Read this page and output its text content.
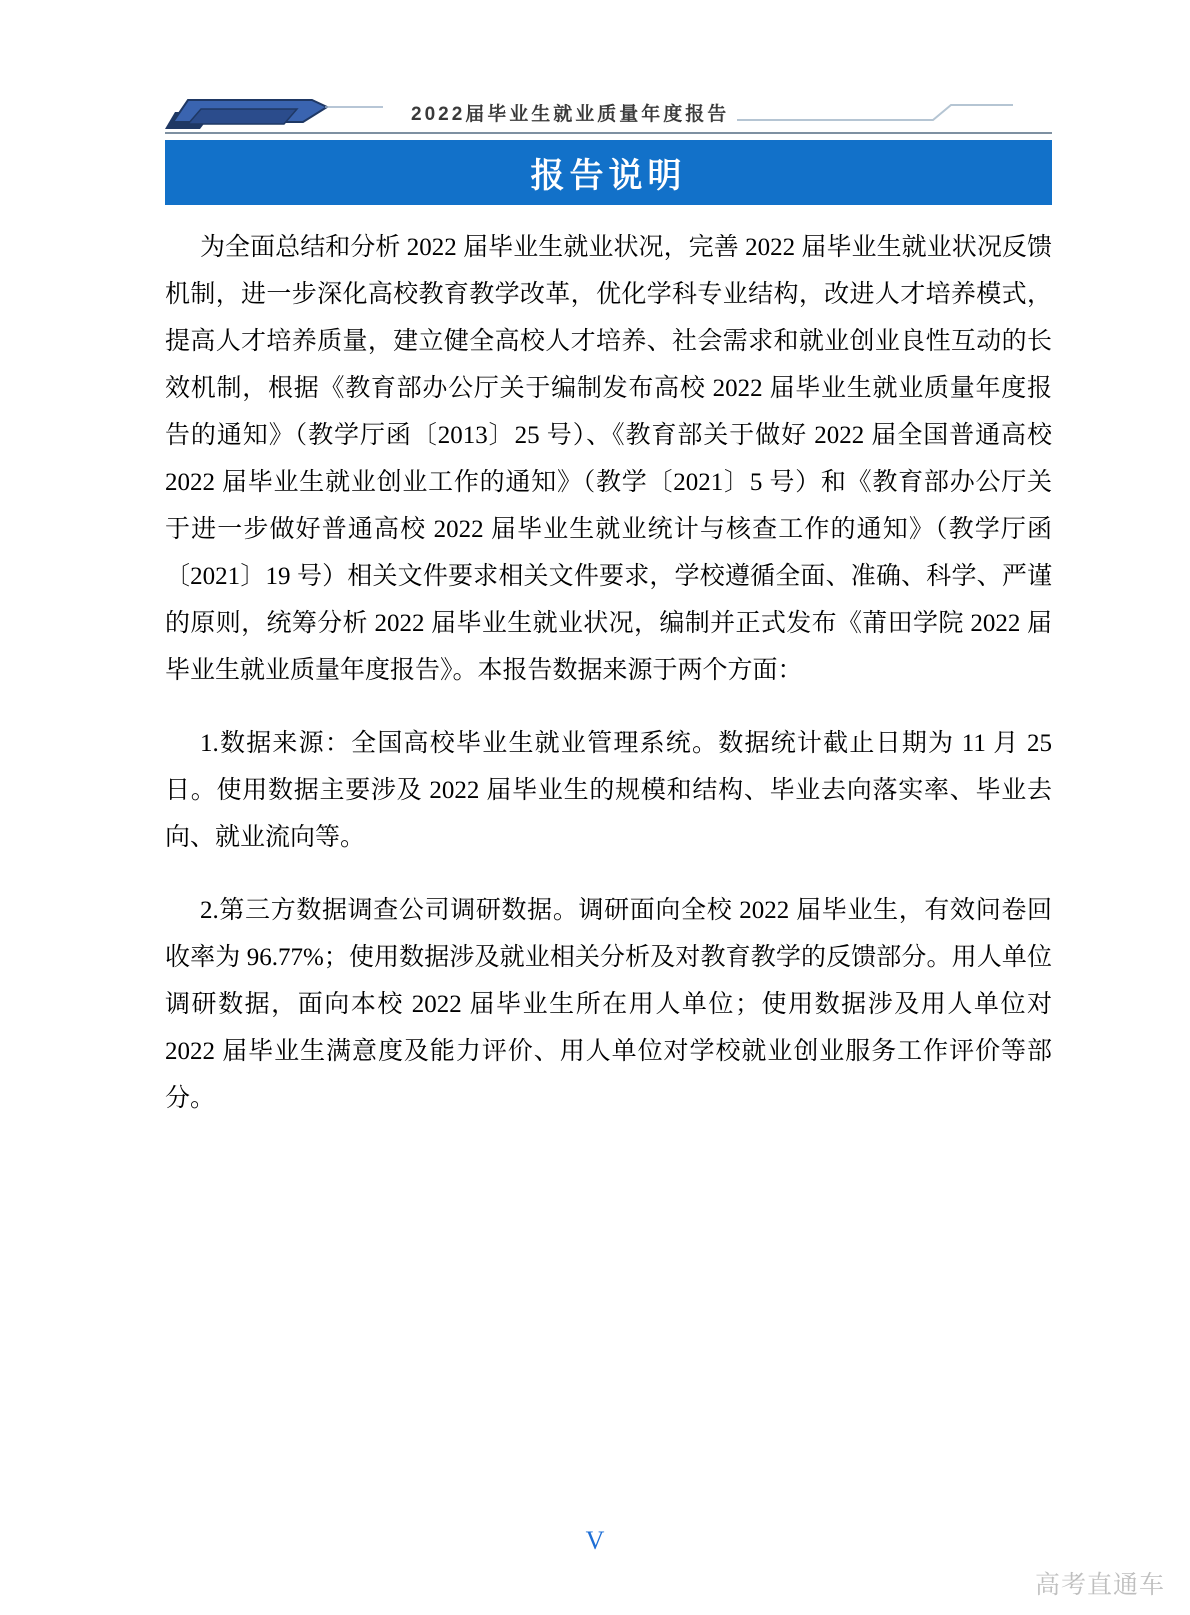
2022届毕业生就业质量年度报告
报告说明

为全面总结和分析 2022 届毕业生就业状况，完善 2022 届毕业生就业状况反馈机制，进一步深化高校教育教学改革，优化学科专业结构，改进人才培养模式，提高人才培养质量，建立健全高校人才培养、社会需求和就业创业良性互动的长效机制，根据《教育部办公厅关于编制发布高校 2022 届毕业生就业质量年度报告的通知》（教学厅函〔2013〕25 号）、《教育部关于做好 2022 届全国普通高校 2022 届毕业生就业创业工作的通知》（教学〔2021〕5 号）和《教育部办公厅关于进一步做好普通高校 2022 届毕业生就业统计与核查工作的通知》（教学厅函〔2021〕19 号）相关文件要求相关文件要求，学校遵循全面、准确、科学、严谨的原则，统筹分析 2022 届毕业生就业状况，编制并正式发布《莆田学院 2022 届毕业生就业质量年度报告》。本报告数据来源于两个方面：

1.数据来源：全国高校毕业生就业管理系统。数据统计截止日期为 11 月 25 日。使用数据主要涉及 2022 届毕业生的规模和结构、毕业去向落实率、毕业去向、就业流向等。

2.第三方数据调查公司调研数据。调研面向全校 2022 届毕业生，有效问卷回收率为 96.77%；使用数据涉及就业相关分析及对教育教学的反馈部分。用人单位调研数据，面向本校 2022 届毕业生所在用人单位；使用数据涉及用人单位对 2022 届毕业生满意度及能力评价、用人单位对学校就业创业服务工作评价等部分。

V
高考直通车
